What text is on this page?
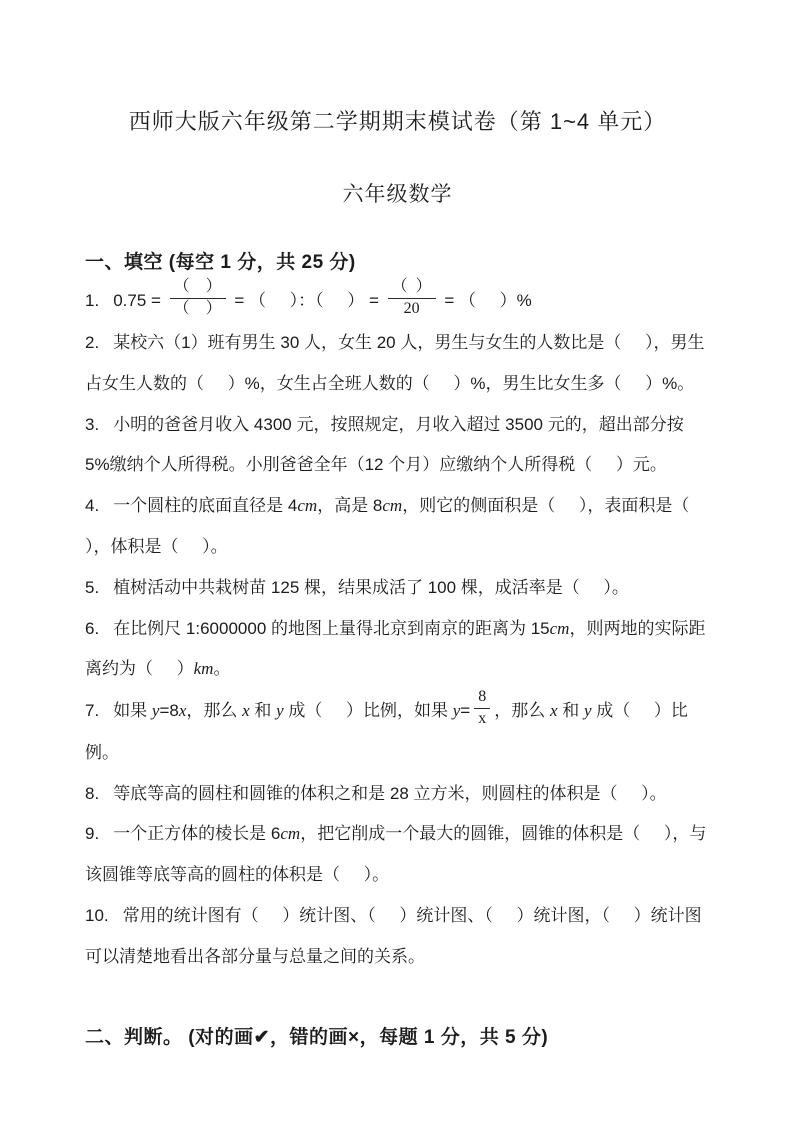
西师大版六年级第二学期期末模试卷（第 1~4 单元）
六年级数学
一、填空 (每空 1 分，共 25 分)
1. $0.75 = \frac{( )}{( )}$ = （     ）：（     ） = $\frac{( )}{20}$ = （     ）%
2. 某校六（1）班有男生 30 人，女生 20 人，男生与女生的人数比是（     ），男生占女生人数的（     ）%，女生占全班人数的（     ）%，男生比女生多（     ）%。
3. 小明的爸爸月收入 4300 元，按照规定，月收入超过 3500 元的，超出部分按 5%缴纳个人所得税。小刖爸爸全年（12 个月）应缴纳个人所得税（     ）元。
4. 一个圆柱的底面直径是 4cm，高是 8cm，则它的侧面积是（     ），表面积是（     ），体积是（     ）。
5. 植树活动中共栽树苗 125 棵，结果成活了 100 棵，成活率是（     ）。
6. 在比例尺 1:6000000 的地图上量得北京到南京的距离为 15cm，则两地的实际距离约为（     ）km。
7. 如果 y=8x，那么 x 和 y 成（     ）比例，如果 $y= \frac{8}{x}$ ，那么 x 和 y 成（     ）比例。
8. 等底等高的圆柱和圆锥的体积之和是 28 立方米，则圆柱的体积是（     ）。
9. 一个正方体的棱长是 6cm，把它削成一个最大的圆锥，圆锥的体积是（     ），与该圆锥等底等高的圆柱的体积是（     ）。
10. 常用的统计图有（     ）统计图、（     ）统计图、（     ）统计图，（     ）统计图可以清楚地看出各部分量与总量之间的关系。
二、判断。 (对的画✔，错的画×，每题 1 分，共 5 分)
